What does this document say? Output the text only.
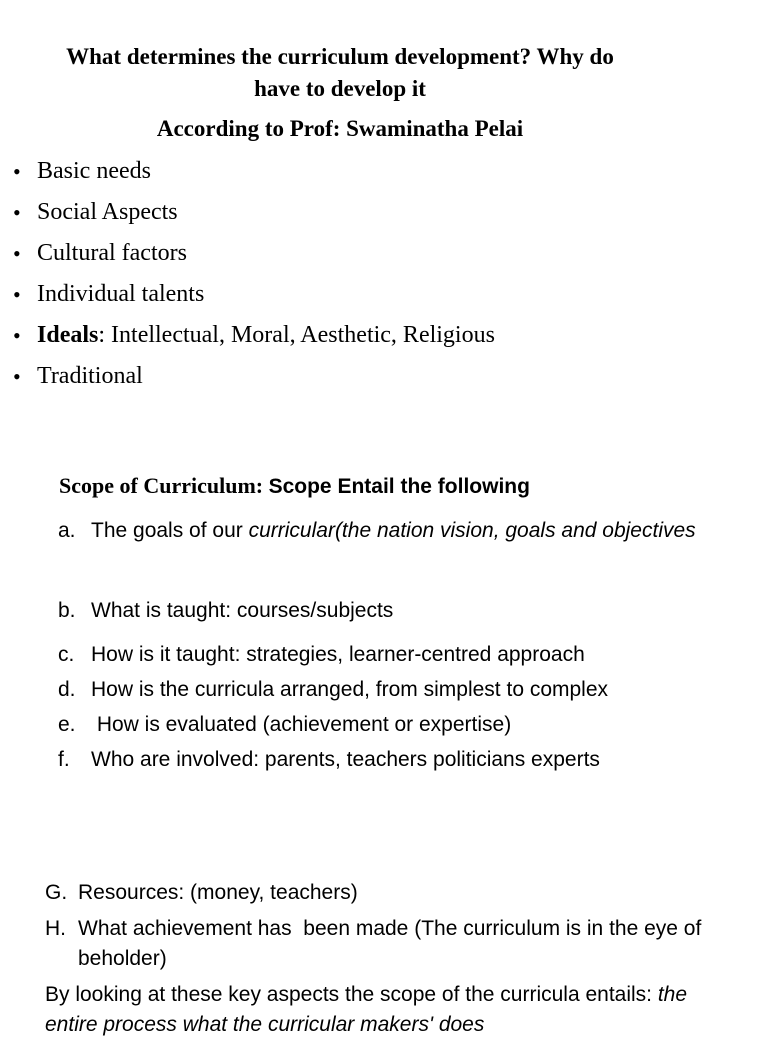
What determines the curriculum development? Why do
have to develop it
According to Prof: Swaminatha Pelai
• Basic needs
• Social Aspects
• Cultural factors
• Individual talents
• Ideals: Intellectual, Moral, Aesthetic, Religious
• Traditional
Scope of Curriculum: Scope Entail the following
a. The goals of our curricular(the nation vision, goals and objectives
b. What is taught: courses/subjects
c. How is it taught: strategies, learner-centred approach
d. How is the curricula arranged, from simplest to complex
e. How is evaluated (achievement or expertise)
f. Who are involved: parents, teachers politicians experts
G. Resources: (money, teachers)
H. What achievement has  been made (The curriculum is in the eye of beholder)
By looking at these key aspects the scope of the curricula entails: the entire process what the curricular makers' does
